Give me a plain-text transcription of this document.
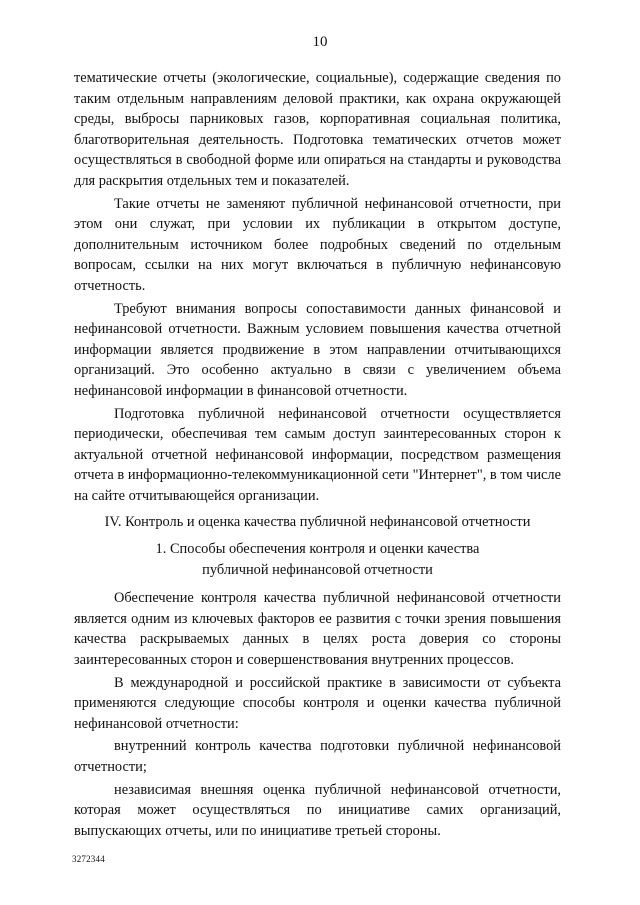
10

тематические отчеты (экологические, социальные), содержащие сведения по таким отдельным направлениям деловой практики, как охрана окружающей среды, выбросы парниковых газов, корпоративная социальная политика, благотворительная деятельность. Подготовка тематических отчетов может осуществляться в свободной форме или опираться на стандарты и руководства для раскрытия отдельных тем и показателей.

Такие отчеты не заменяют публичной нефинансовой отчетности, при этом они служат, при условии их публикации в открытом доступе, дополнительным источником более подробных сведений по отдельным вопросам, ссылки на них могут включаться в публичную нефинансовую отчетность.

Требуют внимания вопросы сопоставимости данных финансовой и нефинансовой отчетности. Важным условием повышения качества отчетной информации является продвижение в этом направлении отчитывающихся организаций. Это особенно актуально в связи с увеличением объема нефинансовой информации в финансовой отчетности.

Подготовка публичной нефинансовой отчетности осуществляется периодически, обеспечивая тем самым доступ заинтересованных сторон к актуальной отчетной нефинансовой информации, посредством размещения отчета в информационно-телекоммуникационной сети "Интернет", в том числе на сайте отчитывающейся организации.

IV. Контроль и оценка качества публичной нефинансовой отчетности

1. Способы обеспечения контроля и оценки качества публичной нефинансовой отчетности

Обеспечение контроля качества публичной нефинансовой отчетности является одним из ключевых факторов ее развития с точки зрения повышения качества раскрываемых данных в целях роста доверия со стороны заинтересованных сторон и совершенствования внутренних процессов.

В международной и российской практике в зависимости от субъекта применяются следующие способы контроля и оценки качества публичной нефинансовой отчетности:

внутренний контроль качества подготовки публичной нефинансовой отчетности;

независимая внешняя оценка публичной нефинансовой отчетности, которая может осуществляться по инициативе самих организаций, выпускающих отчеты, или по инициативе третьей стороны.

3272344
